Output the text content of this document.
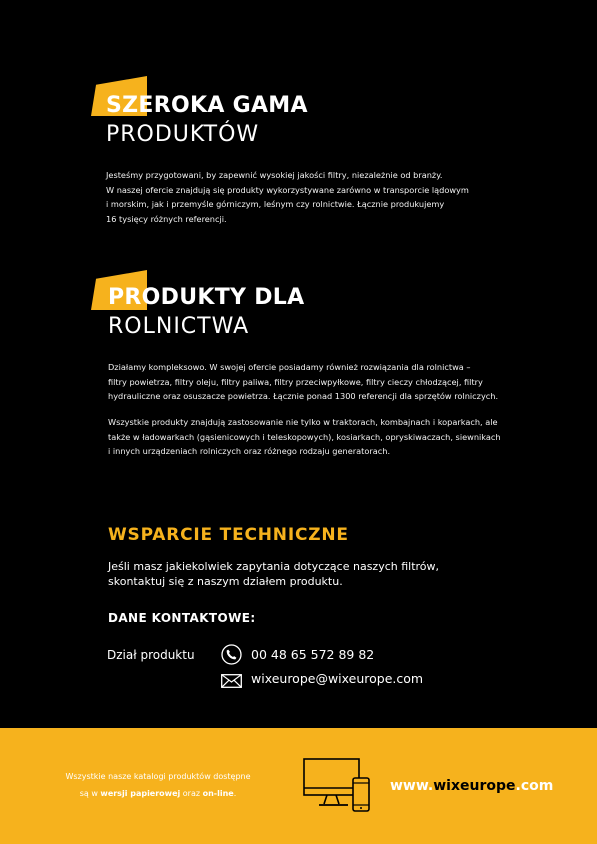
SZEROKA GAMA
PRODUKTÓW
Jesteśmy przygotowani, by zapewnić wysokiej jakości filtry, niezależnie od branży.
W naszej ofercie znajdują się produkty wykorzystywane zarówno w transporcie lądowym
i morskim, jak i przemyśle górniczym, leśnym czy rolnictwie. Łącznie produkujemy
16 tysięcy różnych referencji.
PRODUKTY DLA
ROLNICTWA
Działamy kompleksowo. W swojej ofercie posiadamy również rozwiązania dla rolnictwa –
filtry powietrza, filtry oleju, filtry paliwa, filtry przeciwpyłkowe, filtry cieczy chłodzącej, filtry
hydrauliczne oraz osuszacze powietrza. Łącznie ponad 1300 referencji dla sprzętów rolniczych.
Wszystkie produkty znajdują zastosowanie nie tylko w traktorach, kombajnach i koparkach, ale
także w ładowarkach (gąsienicowych i teleskopowych), kosiarkach, opryskiwaczach, siewnikach
i innych urządzeniach rolniczych oraz różnego rodzaju generatorach.
WSPARCIE TECHNICZNE
Jeśli masz jakiekolwiek zapytania dotyczące naszych filtrów,
skontaktuj się z naszym działem produktu.
DANE KONTAKTOWE:
Dział produktu	00 48 65 572 89 82
wixeurope@wixeurope.com
Wszystkie nasze katalogi produktów dostępne
są w wersji papierowej oraz on-line.	www.wixeurope.com
